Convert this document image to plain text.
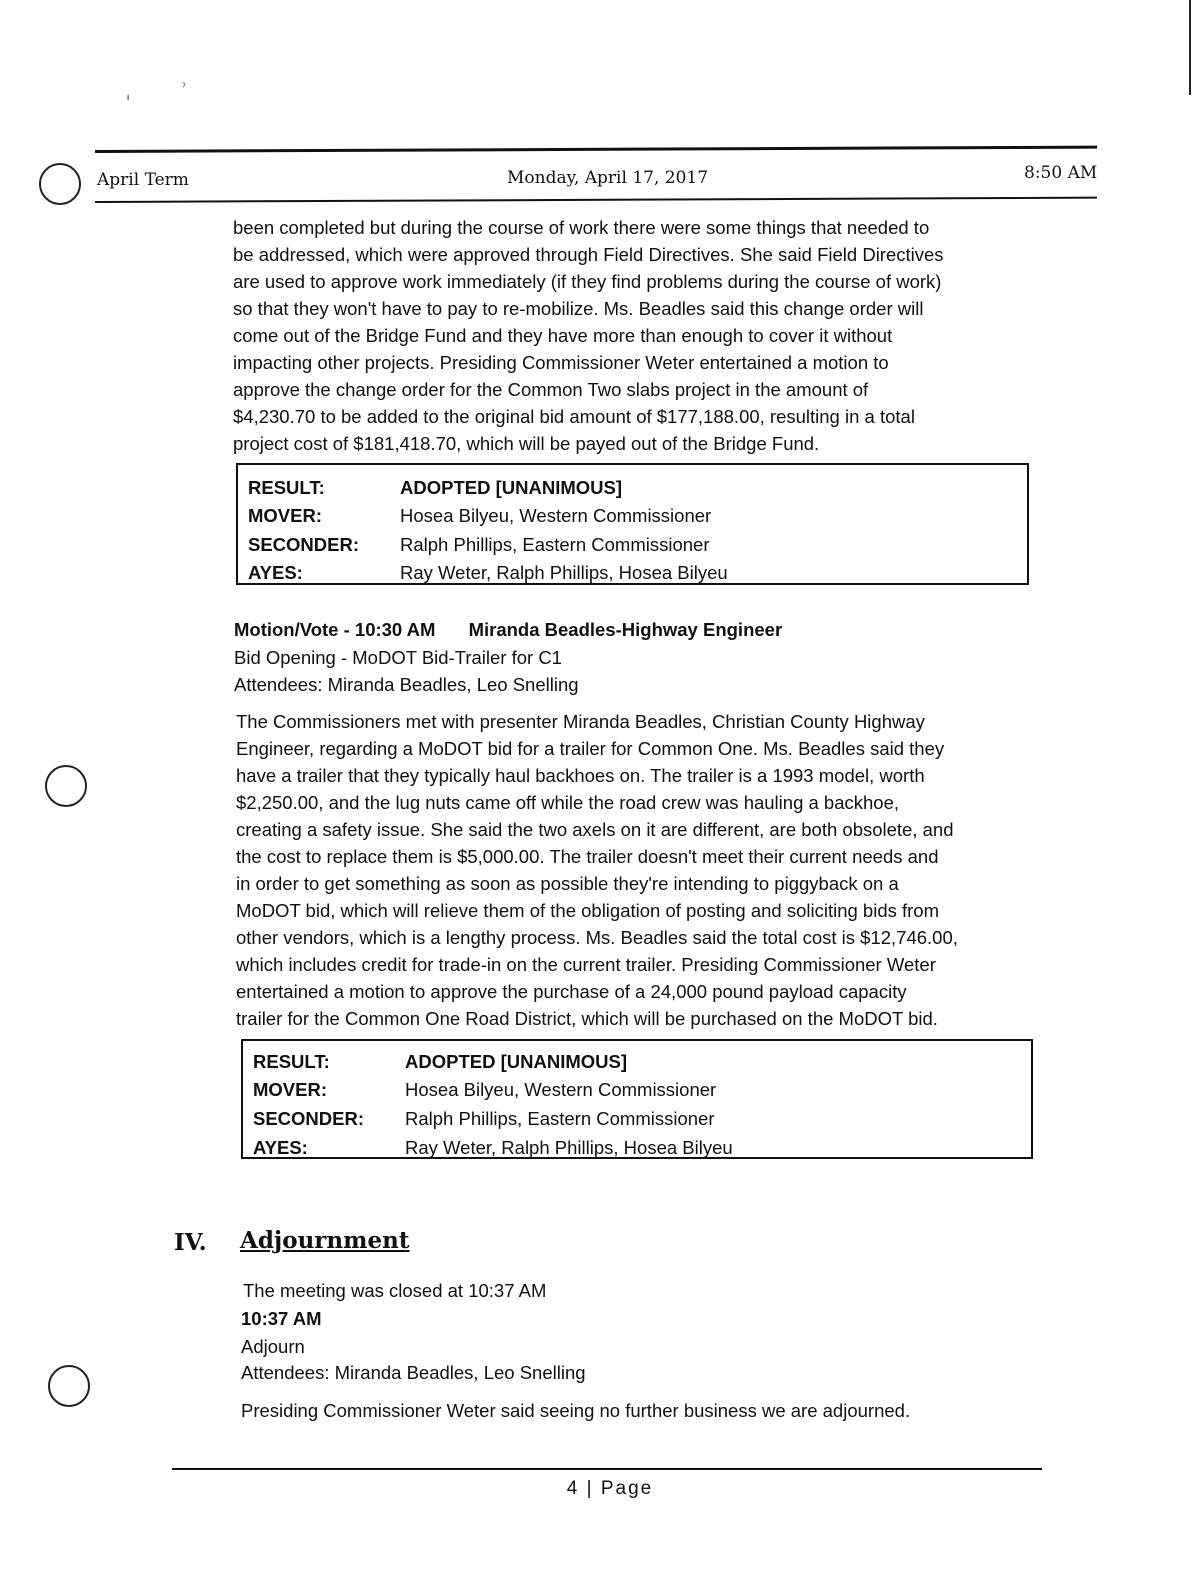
ᵼ
ˀ
April Term	Monday, April 17, 2017	8:50 AM
been completed but during the course of work there were some things that needed to
be addressed, which were approved through Field Directives. She said Field Directives
are used to approve work immediately (if they find problems during the course of work)
so that they won't have to pay to re-mobilize. Ms. Beadles said this change order will
come out of the Bridge Fund and they have more than enough to cover it without
impacting other projects. Presiding Commissioner Weter entertained a motion to
approve the change order for the Common Two slabs project in the amount of
$4,230.70 to be added to the original bid amount of $177,188.00, resulting in a total
project cost of $181,418.70, which will be payed out of the Bridge Fund.
RESULT:	ADOPTED [UNANIMOUS]
MOVER:	Hosea Bilyeu, Western Commissioner
SECONDER: Ralph Phillips, Eastern Commissioner
AYES:	Ray Weter, Ralph Phillips, Hosea Bilyeu
Motion/Vote - 10:30 AM Miranda Beadles-Highway Engineer
Bid Opening - MoDOT Bid-Trailer for C1
Attendees: Miranda Beadles, Leo Snelling
The Commissioners met with presenter Miranda Beadles, Christian County Highway
Engineer, regarding a MoDOT bid for a trailer for Common One. Ms. Beadles said they
have a trailer that they typically haul backhoes on. The trailer is a 1993 model, worth
$2,250.00, and the lug nuts came off while the road crew was hauling a backhoe,
creating a safety issue. She said the two axels on it are different, are both obsolete, and
the cost to replace them is $5,000.00. The trailer doesn't meet their current needs and
in order to get something as soon as possible they're intending to piggyback on a
MoDOT bid, which will relieve them of the obligation of posting and soliciting bids from
other vendors, which is a lengthy process. Ms. Beadles said the total cost is $12,746.00,
which includes credit for trade-in on the current trailer. Presiding Commissioner Weter
entertained a motion to approve the purchase of a 24,000 pound payload capacity
trailer for the Common One Road District, which will be purchased on the MoDOT bid.
RESULT:	ADOPTED [UNANIMOUS]
MOVER:	Hosea Bilyeu, Western Commissioner
SECONDER: Ralph Phillips, Eastern Commissioner
AYES:	Ray Weter, Ralph Phillips, Hosea Bilyeu
IV. Adjournment
The meeting was closed at 10:37 AM
10:37 AM
Adjourn
Attendees: Miranda Beadles, Leo Snelling
Presiding Commissioner Weter said seeing no further business we are adjourned.
4 | Page
